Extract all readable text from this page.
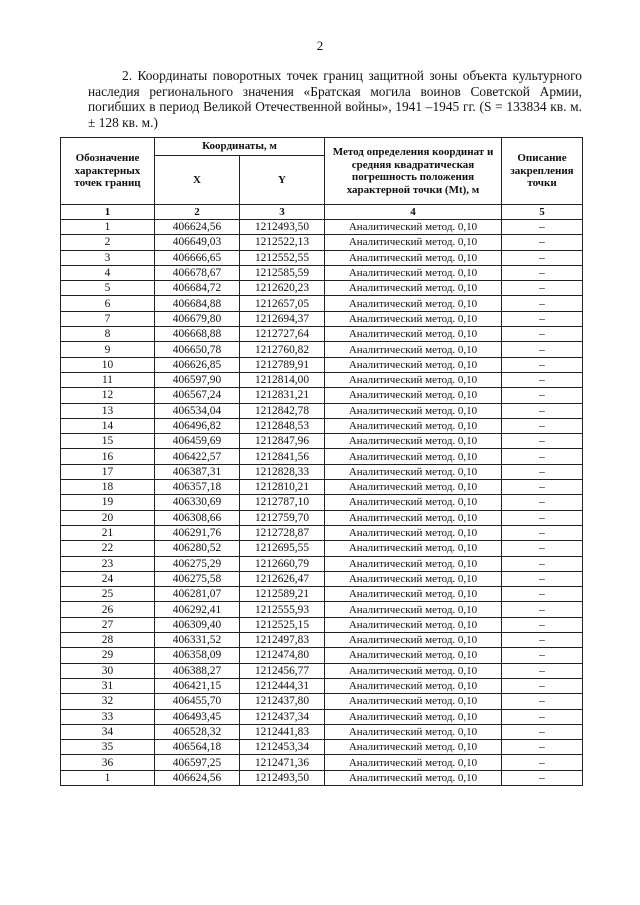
2

2. Координаты поворотных точек границ защитной зоны объекта культурного наследия регионального значения «Братская могила воинов Советской Армии, погибших в период Великой Отечественной войны», 1941 –1945 гг. (S = 133834 кв. м. ± 128 кв. м.)

Обозначение характерных точек границ	Координаты, м		Метод определения координат и средняя квадратическая погрешность положения характерной точки (Mt), м	Описание закрепления точки
	X	Y		
1	2	3	4	5
1	406624,56	1212493,50	Аналитический метод. 0,10	–
2	406649,03	1212522,13	Аналитический метод. 0,10	–
3	406666,65	1212552,55	Аналитический метод. 0,10	–
4	406678,67	1212585,59	Аналитический метод. 0,10	–
5	406684,72	1212620,23	Аналитический метод. 0,10	–
6	406684,88	1212657,05	Аналитический метод. 0,10	–
7	406679,80	1212694,37	Аналитический метод. 0,10	–
8	406668,88	1212727,64	Аналитический метод. 0,10	–
9	406650,78	1212760,82	Аналитический метод. 0,10	–
10	406626,85	1212789,91	Аналитический метод. 0,10	–
11	406597,90	1212814,00	Аналитический метод. 0,10	–
12	406567,24	1212831,21	Аналитический метод. 0,10	–
13	406534,04	1212842,78	Аналитический метод. 0,10	–
14	406496,82	1212848,53	Аналитический метод. 0,10	–
15	406459,69	1212847,96	Аналитический метод. 0,10	–
16	406422,57	1212841,56	Аналитический метод. 0,10	–
17	406387,31	1212828,33	Аналитический метод. 0,10	–
18	406357,18	1212810,21	Аналитический метод. 0,10	–
19	406330,69	1212787,10	Аналитический метод. 0,10	–
20	406308,66	1212759,70	Аналитический метод. 0,10	–
21	406291,76	1212728,87	Аналитический метод. 0,10	–
22	406280,52	1212695,55	Аналитический метод. 0,10	–
23	406275,29	1212660,79	Аналитический метод. 0,10	–
24	406275,58	1212626,47	Аналитический метод. 0,10	–
25	406281,07	1212589,21	Аналитический метод. 0,10	–
26	406292,41	1212555,93	Аналитический метод. 0,10	–
27	406309,40	1212525,15	Аналитический метод. 0,10	–
28	406331,52	1212497,83	Аналитический метод. 0,10	–
29	406358,09	1212474,80	Аналитический метод. 0,10	–
30	406388,27	1212456,77	Аналитический метод. 0,10	–
31	406421,15	1212444,31	Аналитический метод. 0,10	–
32	406455,70	1212437,80	Аналитический метод. 0,10	–
33	406493,45	1212437,34	Аналитический метод. 0,10	–
34	406528,32	1212441,83	Аналитический метод. 0,10	–
35	406564,18	1212453,34	Аналитический метод. 0,10	–
36	406597,25	1212471,36	Аналитический метод. 0,10	–
1	406624,56	1212493,50	Аналитический метод. 0,10	–
